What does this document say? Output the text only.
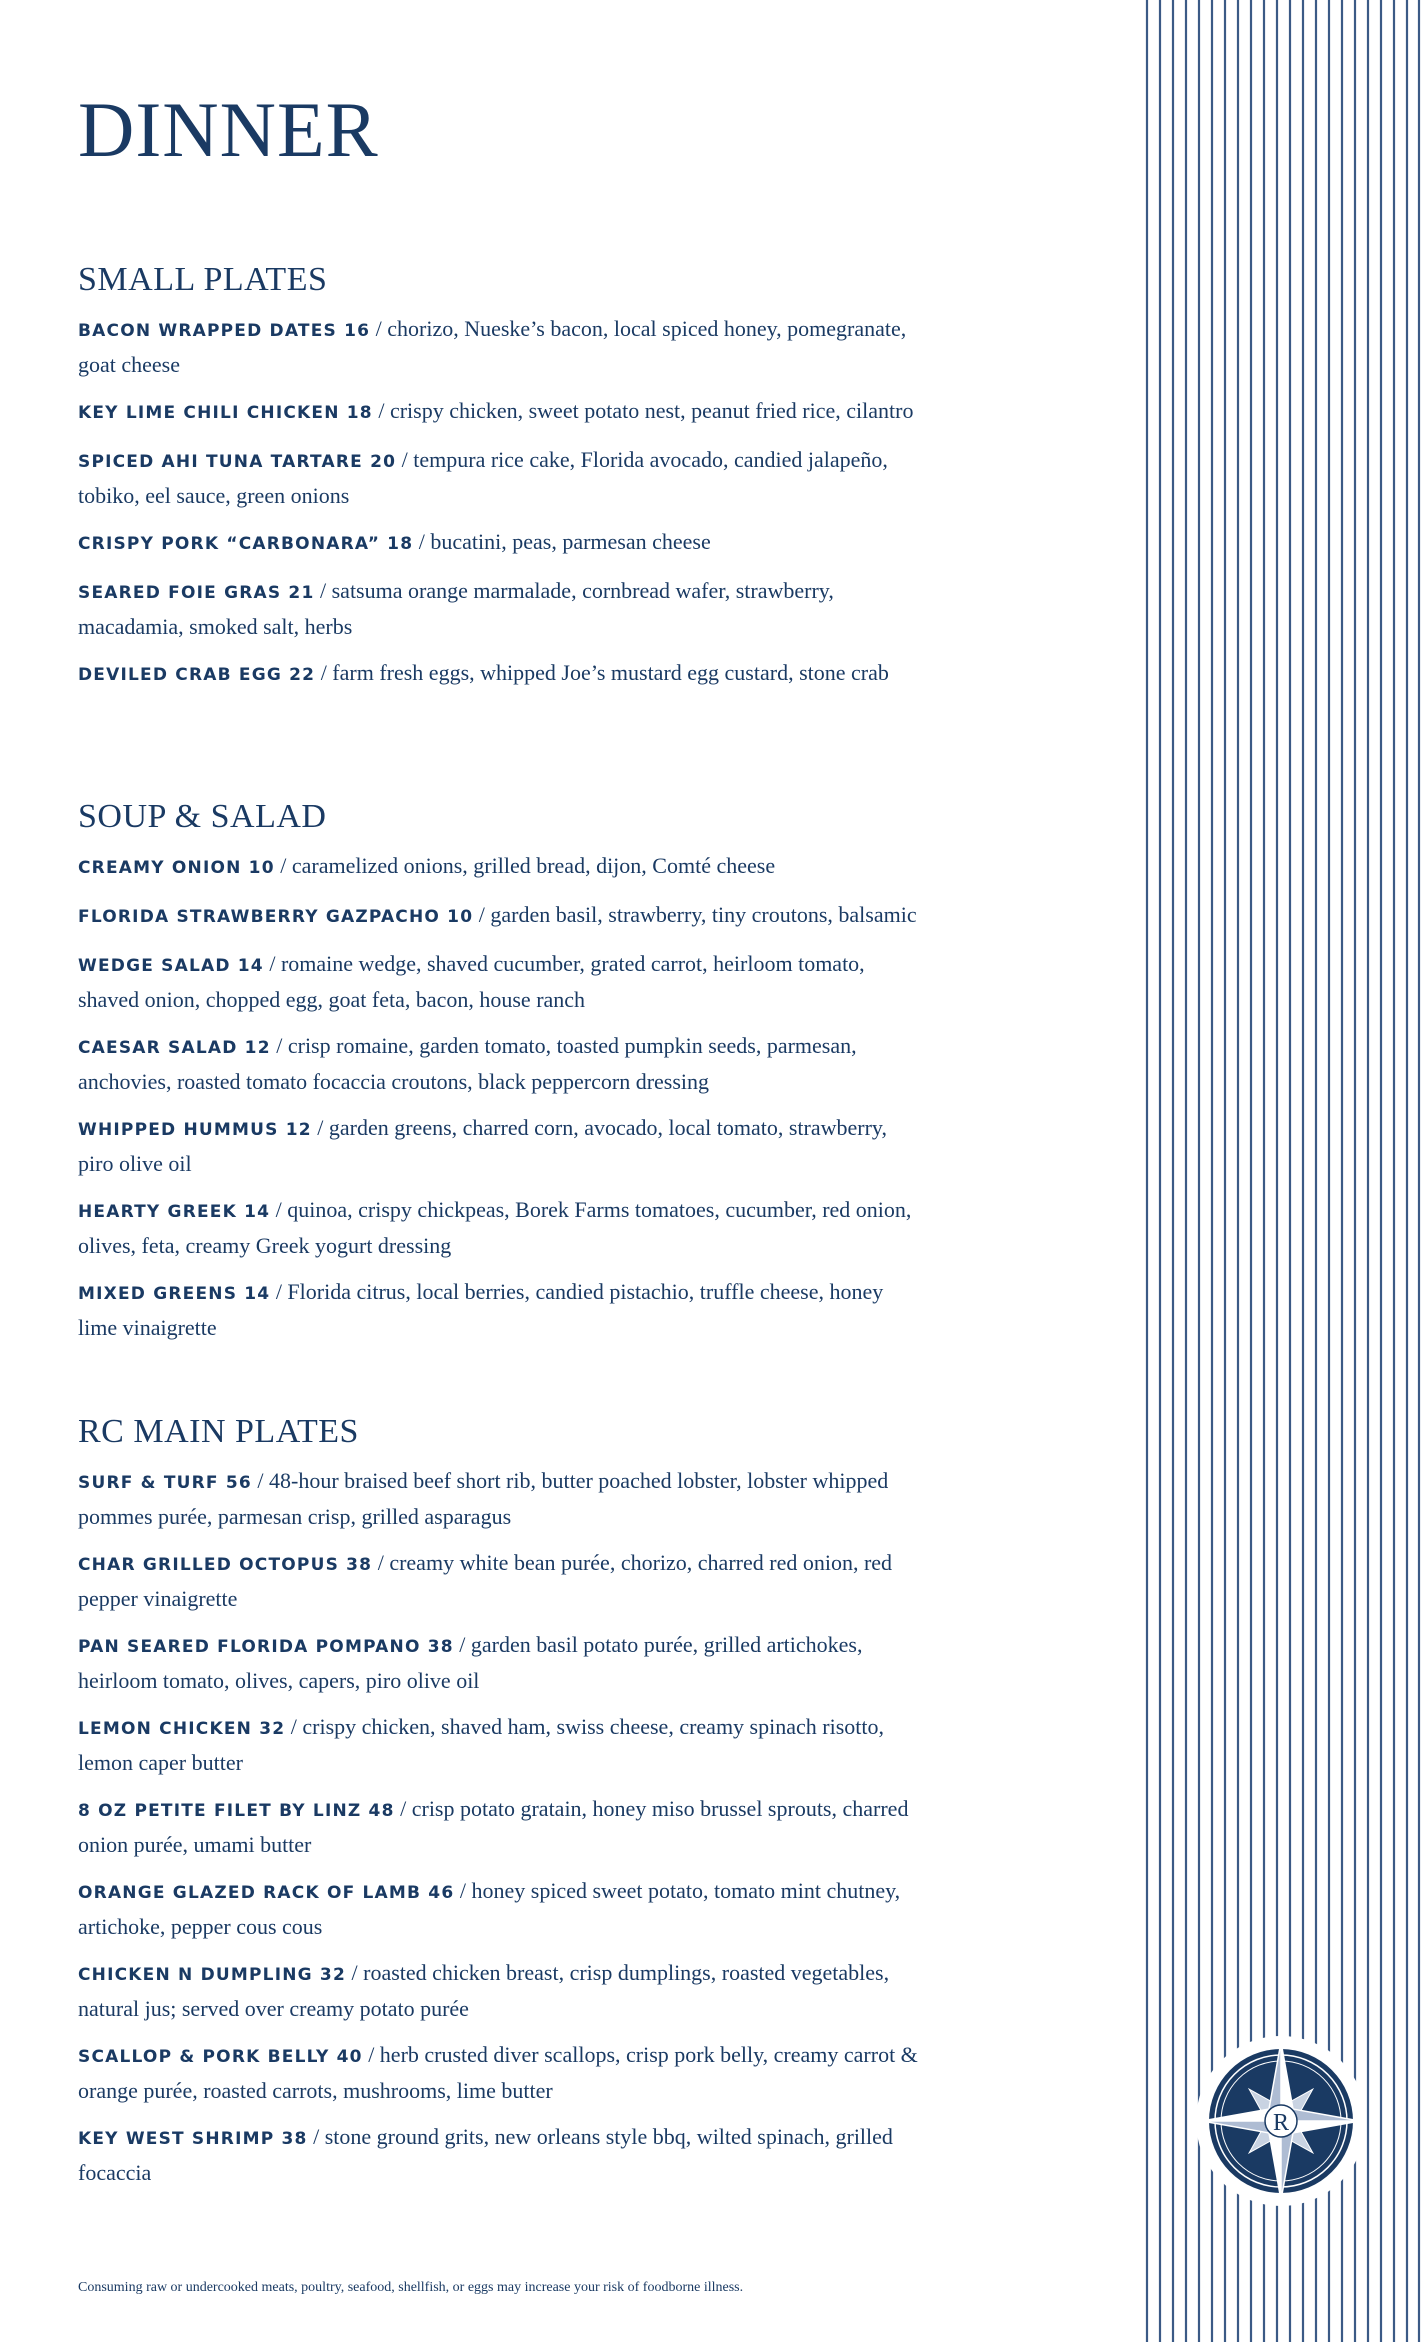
DINNER
SMALL PLATES

BACON WRAPPED DATES 16 / chorizo, Nueske’s bacon, local spiced honey, pomegranate, goat cheese

KEY LIME CHILI CHICKEN 18 / crispy chicken, sweet potato nest, peanut fried rice, cilantro

SPICED AHI TUNA TARTARE 20 / tempura rice cake, Florida avocado, candied jalapeño, tobiko, eel sauce, green onions

CRISPY PORK “CARBONARA” 18 / bucatini, peas, parmesan cheese

SEARED FOIE GRAS 21 / satsuma orange marmalade, cornbread wafer, strawberry, macadamia, smoked salt, herbs

DEVILED CRAB EGG 22 / farm fresh eggs, whipped Joe’s mustard egg custard, stone crab

SOUP & SALAD

CREAMY ONION 10 / caramelized onions, grilled bread, dijon, Comté cheese

FLORIDA STRAWBERRY GAZPACHO 10 / garden basil, strawberry, tiny croutons, balsamic

WEDGE SALAD 14 / romaine wedge, shaved cucumber, grated carrot, heirloom tomato, shaved onion, chopped egg, goat feta, bacon, house ranch

CAESAR SALAD 12 / crisp romaine, garden tomato, toasted pumpkin seeds, parmesan, anchovies, roasted tomato focaccia croutons, black peppercorn dressing

WHIPPED HUMMUS 12 / garden greens, charred corn, avocado, local tomato, strawberry, piro olive oil

HEARTY GREEK 14 / quinoa, crispy chickpeas, Borek Farms tomatoes, cucumber, red onion, olives, feta, creamy Greek yogurt dressing

MIXED GREENS 14 / Florida citrus, local berries, candied pistachio, truffle cheese, honey lime vinaigrette

RC MAIN PLATES

SURF & TURF 56 / 48-hour braised beef short rib, butter poached lobster, lobster whipped pommes purée, parmesan crisp, grilled asparagus

CHAR GRILLED OCTOPUS 38 / creamy white bean purée, chorizo, charred red onion, red pepper vinaigrette

PAN SEARED FLORIDA POMPANO 38 / garden basil potato purée, grilled artichokes, heirloom tomato, olives, capers, piro olive oil

LEMON CHICKEN 32 / crispy chicken, shaved ham, swiss cheese, creamy spinach risotto, lemon caper butter

8 OZ PETITE FILET BY LINZ 48 / crisp potato gratain, honey miso brussel sprouts, charred onion purée, umami butter

ORANGE GLAZED RACK OF LAMB 46 / honey spiced sweet potato, tomato mint chutney, artichoke, pepper cous cous

CHICKEN N DUMPLING 32 / roasted chicken breast, crisp dumplings, roasted vegetables, natural jus; served over creamy potato purée

SCALLOP & PORK BELLY 40 / herb crusted diver scallops, crisp pork belly, creamy carrot & orange purée, roasted carrots, mushrooms, lime butter

KEY WEST SHRIMP 38 / stone ground grits, new orleans style bbq, wilted spinach, grilled focaccia

Consuming raw or undercooked meats, poultry, seafood, shellfish, or eggs may increase your risk of foodborne illness.
R
